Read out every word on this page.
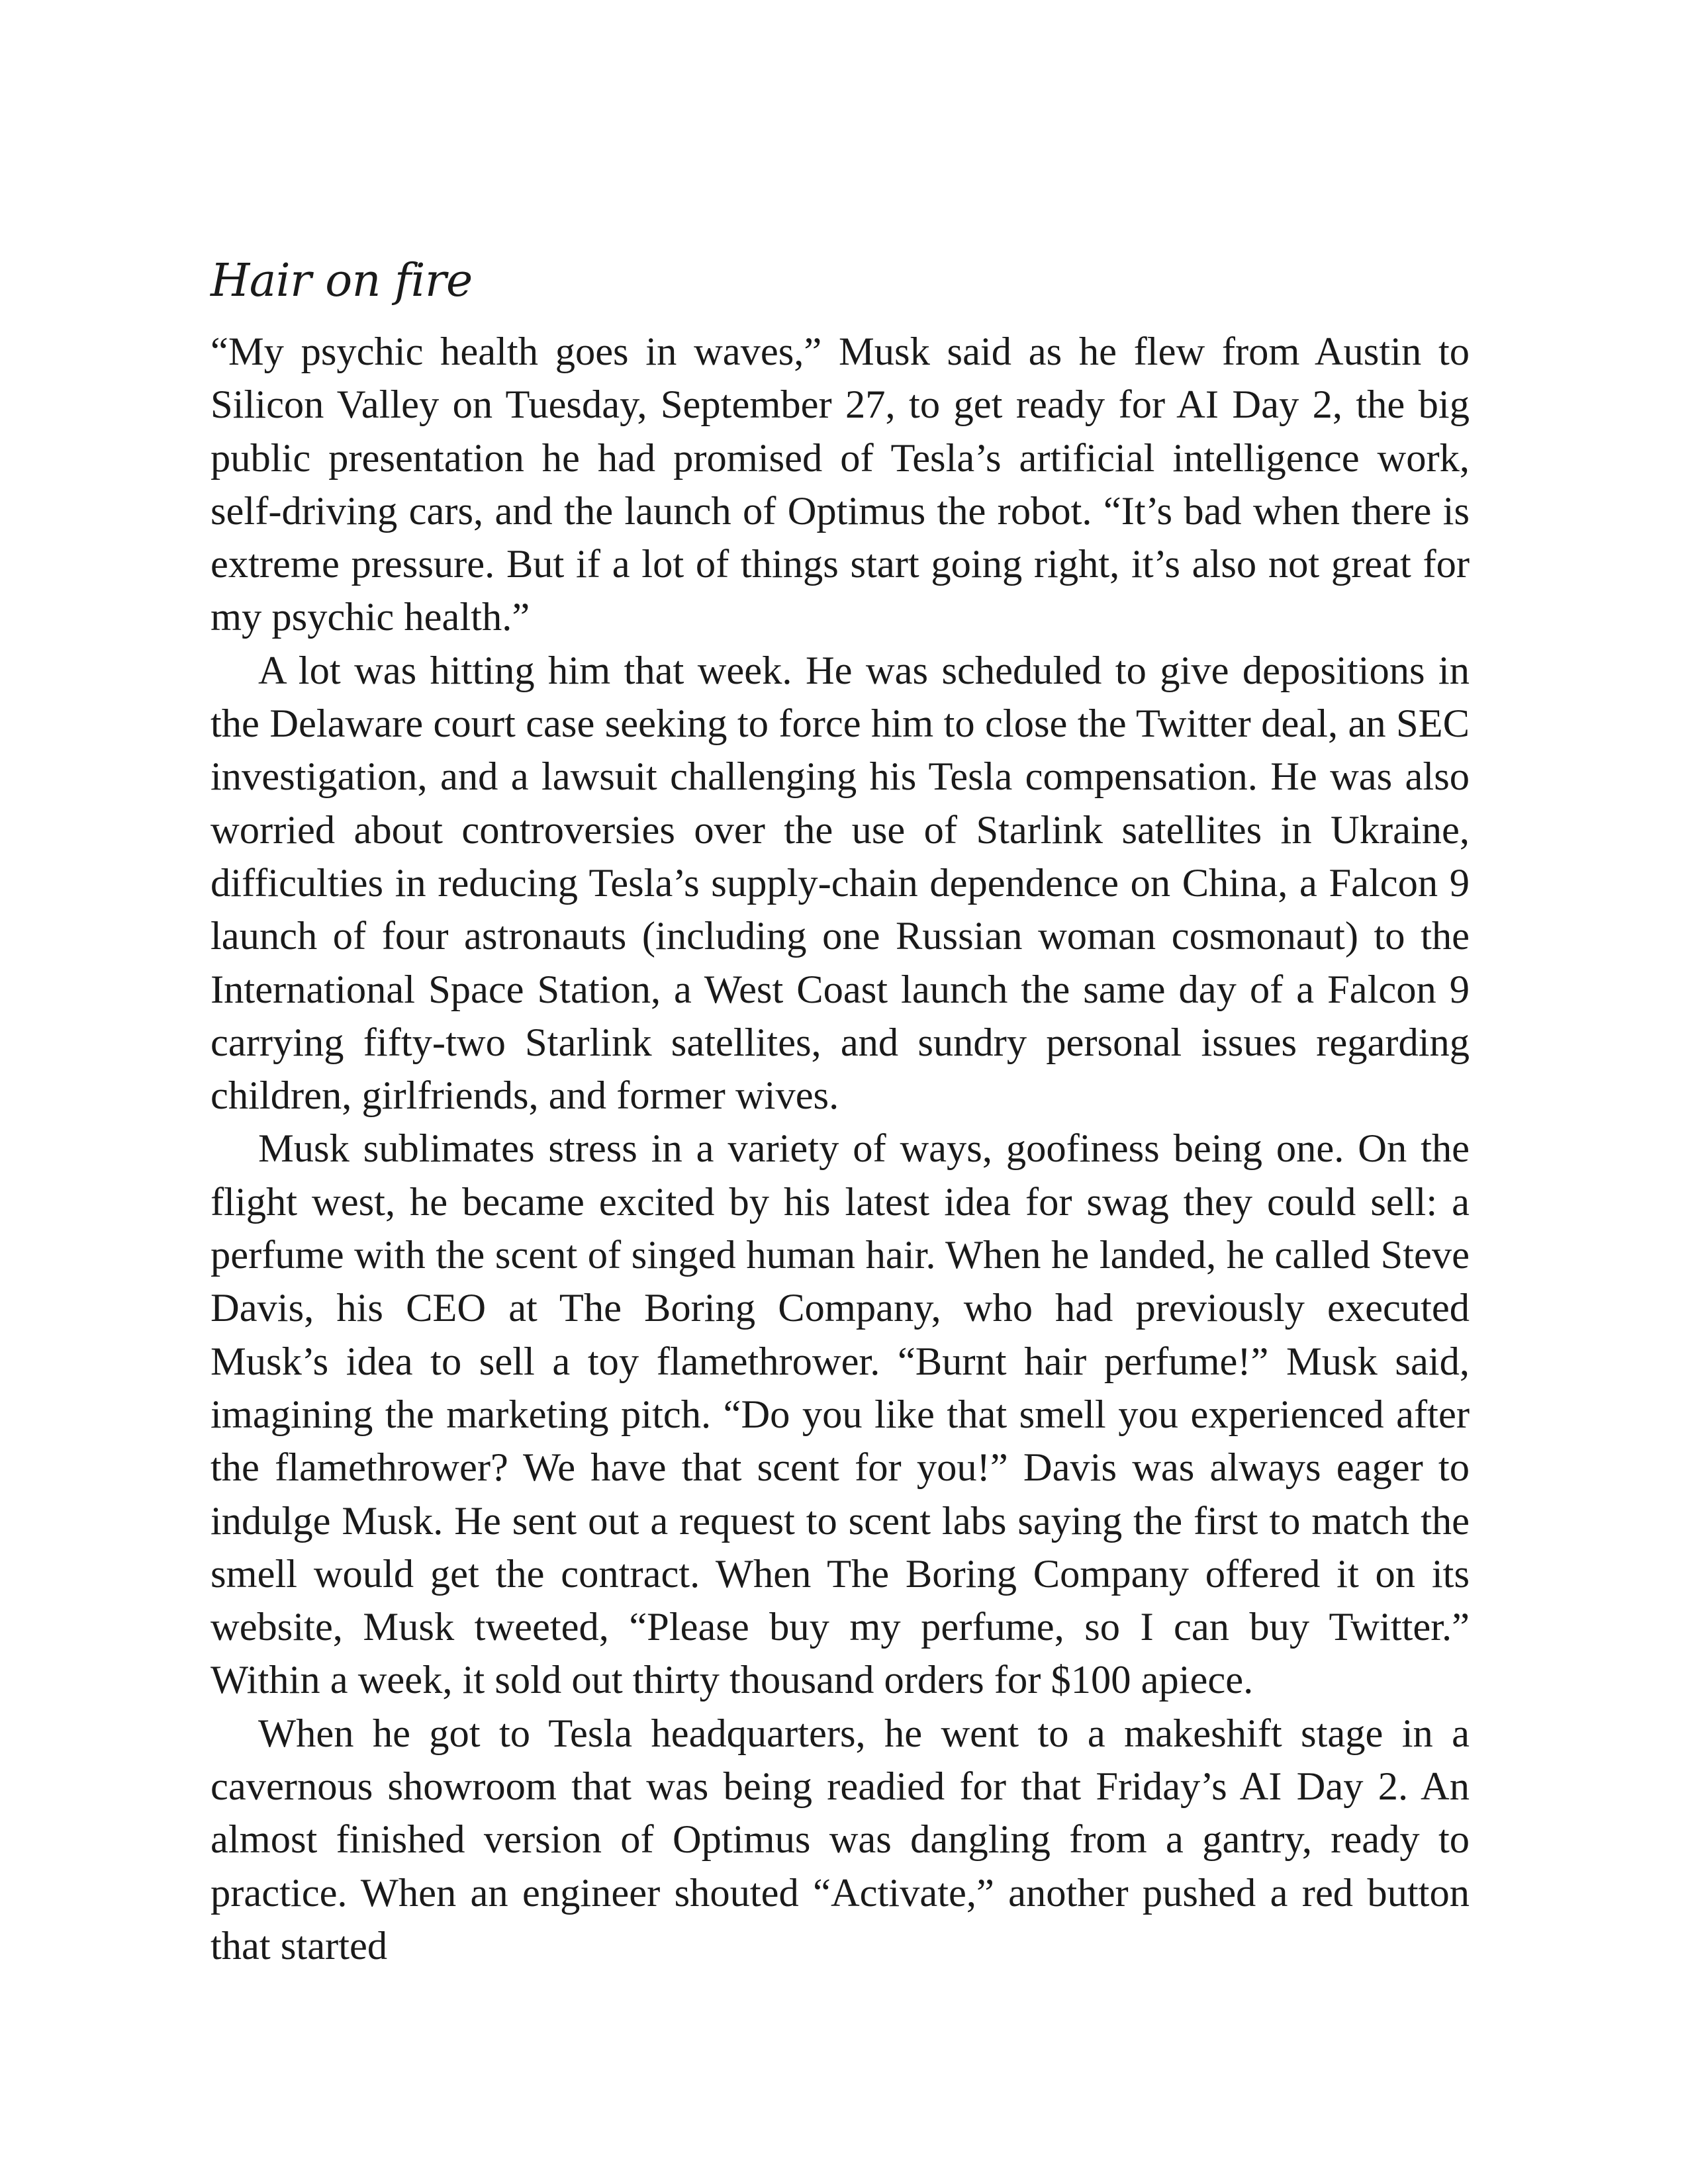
Hair on fire

“My psychic health goes in waves,” Musk said as he flew from Austin to Silicon Valley on Tuesday, September 27, to get ready for AI Day 2, the big public presentation he had promised of Tesla’s artificial intelligence work, self-driving cars, and the launch of Optimus the robot. “It’s bad when there is extreme pressure. But if a lot of things start going right, it’s also not great for my psychic health.”

A lot was hitting him that week. He was scheduled to give depositions in the Delaware court case seeking to force him to close the Twitter deal, an SEC investigation, and a lawsuit challenging his Tesla compensation. He was also worried about controversies over the use of Starlink satellites in Ukraine, difficulties in reducing Tesla’s supply-chain dependence on China, a Falcon 9 launch of four astronauts (including one Russian woman cosmonaut) to the International Space Station, a West Coast launch the same day of a Falcon 9 carrying fifty-two Starlink satellites, and sundry personal issues regarding children, girlfriends, and former wives.

Musk sublimates stress in a variety of ways, goofiness being one. On the flight west, he became excited by his latest idea for swag they could sell: a perfume with the scent of singed human hair. When he landed, he called Steve Davis, his CEO at The Boring Company, who had previously executed Musk’s idea to sell a toy flamethrower. “Burnt hair perfume!” Musk said, imagining the marketing pitch. “Do you like that smell you experienced after the flamethrower? We have that scent for you!” Davis was always eager to indulge Musk. He sent out a request to scent labs saying the first to match the smell would get the contract. When The Boring Company offered it on its website, Musk tweeted, “Please buy my perfume, so I can buy Twitter.” Within a week, it sold out thirty thousand orders for $100 apiece.

When he got to Tesla headquarters, he went to a makeshift stage in a cavernous showroom that was being readied for that Friday’s AI Day 2. An almost finished version of Optimus was dangling from a gantry, ready to practice. When an engineer shouted “Activate,” another pushed a red button that started
